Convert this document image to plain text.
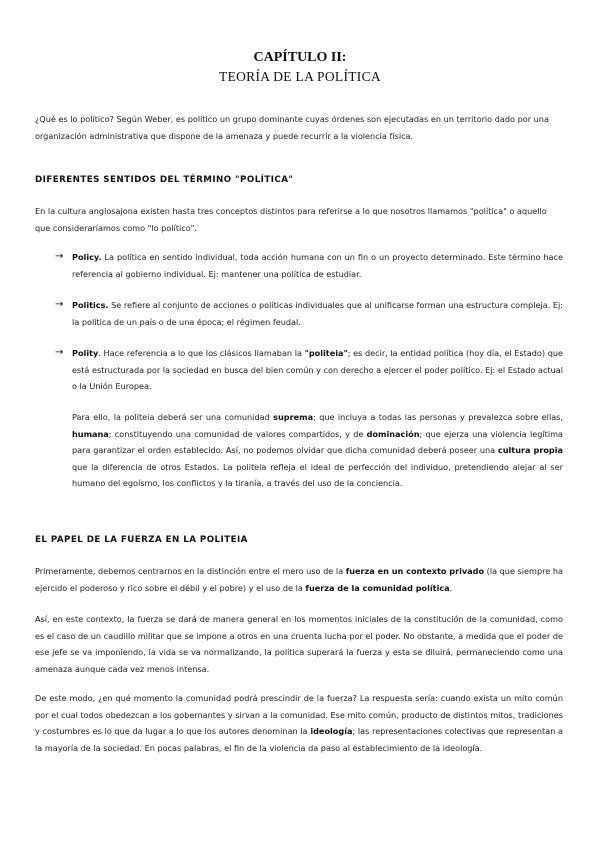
CAPÍTULO II:
TEORÍA DE LA POLÍTICA

¿Qué es lo político? Según Weber, es político un grupo dominante cuyas órdenes son ejecutadas en un territorio dado por una organización administrativa que dispone de la amenaza y puede recurrir a la violencia física.

DIFERENTES SENTIDOS DEL TÉRMINO "POLÍTICA"

En la cultura anglosajona existen hasta tres conceptos distintos para referirse a lo que nosotros llamamos "política" o aquello que consideraríamos como "lo político".

→ Policy. La política en sentido individual, toda acción humana con un fin o un proyecto determinado. Este término hace referencia al gobierno individual. Ej: mantener una política de estudiar.
→ Politics. Se refiere al conjunto de acciones o políticas individuales que al unificarse forman una estructura compleja. Ej: la política de un país o de una época; el régimen feudal.
→ Polity. Hace referencia a lo que los clásicos llamaban la "politeia"; es decir, la entidad política (hoy día, el Estado) que está estructurada por la sociedad en busca del bien común y con derecho a ejercer el poder político. Ej: el Estado actual o la Unión Europea.
Para ello, la politeia deberá ser una comunidad suprema; que incluya a todas las personas y prevalezca sobre ellas, humana; constituyendo una comunidad de valores compartidos, y de dominación; que ejerza una violencia legítima para garantizar el orden establecido. Así, no podemos olvidar que dicha comunidad deberá poseer una cultura propia que la diferencia de otros Estados. La politeia refleja el ideal de perfección del individuo, pretendiendo alejar al ser humano del egoísmo, los conflictos y la tiranía, a través del uso de la conciencia.

EL PAPEL DE LA FUERZA EN LA POLITEIA

Primeramente, debemos centrarnos en la distinción entre el mero uso de la fuerza en un contexto privado (la que siempre ha ejercido el poderoso y rico sobre el débil y el pobre) y el uso de la fuerza de la comunidad política.

Así, en este contexto, la fuerza se dará de manera general en los momentos iniciales de la constitución de la comunidad, como es el caso de un caudillo militar que se impone a otros en una cruenta lucha por el poder. No obstante, a medida que el poder de ese jefe se va imponiendo, la vida se va normalizando, la política superará la fuerza y esta se diluirá, permaneciendo como una amenaza aunque cada vez menos intensa.

De este modo, ¿en qué momento la comunidad podrá prescindir de la fuerza? La respuesta sería: cuando exista un mito común por el cual todos obedezcan a los gobernantes y sirvan a la comunidad. Ese mito común, producto de distintos mitos, tradiciones y costumbres es lo que da lugar a lo que los autores denominan la ideología; las representaciones colectivas que representan a la mayoría de la sociedad. En pocas palabras, el fin de la violencia da paso al establecimiento de la ideología.
